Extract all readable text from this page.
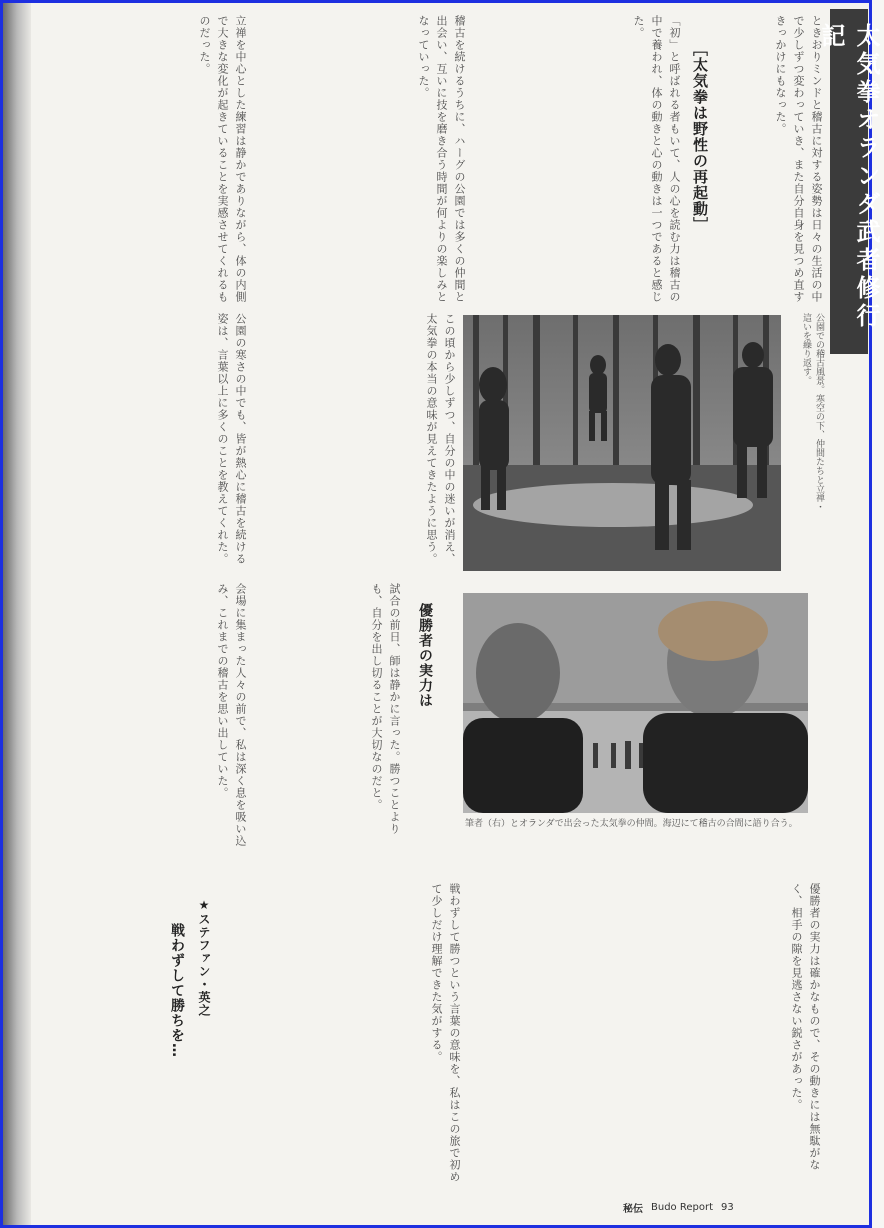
太気拳オランダ武者修行記
ときおりミンドと稽古に対する姿勢は日々の生活の中で少しずつ変わっていき、また自分自身を見つめ直すきっかけにもなった。
［太気拳は野性の再起動］
「初」と呼ばれる者もいて、人の心を読む力は稽古の中で養われ、体の動きと心の動きは一つであると感じた。
稽古を続けるうちに、ハーグの公園では多くの仲間と出会い、互いに技を磨き合う時間が何よりの楽しみとなっていった。
立禅を中心とした練習は静かでありながら、体の内側で大きな変化が起きていることを実感させてくれるものだった。
公園での稽古風景。寒空の下、仲間たちと立禅・這いを繰り返す。
この頃から少しずつ、自分の中の迷いが消え、太気拳の本当の意味が見えてきたように思う。
公園の寒さの中でも、皆が熱心に稽古を続ける姿は、言葉以上に多くのことを教えてくれた。
筆者（右）とオランダで出会った太気拳の仲間。海辺にて稽古の合間に語り合う。
優勝者の実力は
試合の前日、師は静かに言った。勝つことよりも、自分を出し切ることが大切なのだと。
会場に集まった人々の前で、私は深く息を吸い込み、これまでの稽古を思い出していた。
優勝者の実力は確かなもので、その動きには無駄がなく、相手の隙を見逃さない鋭さがあった。
★ステファン・英之
戦わずして勝ちを…	戦わずして勝つという言葉の意味を、私はこの旅で初めて少しだけ理解できた気がする。
秘伝 Budo Report 93
